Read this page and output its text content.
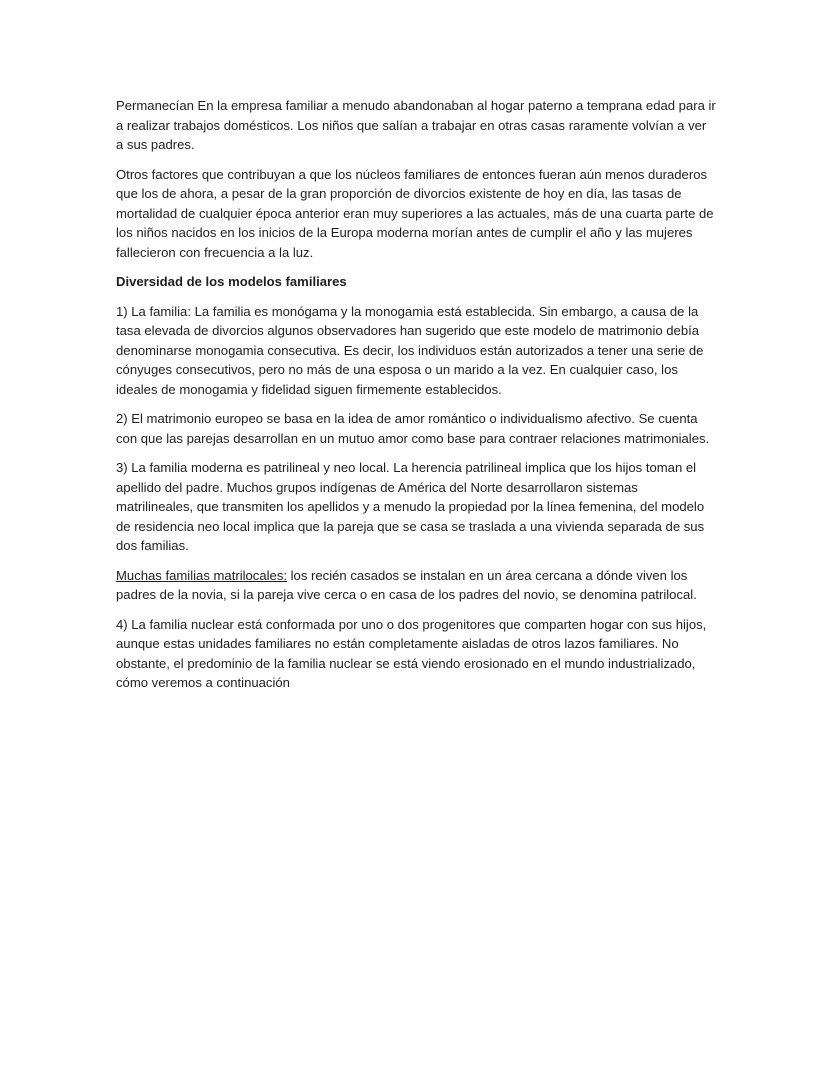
Permanecían En la empresa familiar a menudo abandonaban al hogar paterno a temprana edad para ir a realizar trabajos domésticos. Los niños que salían a trabajar en otras casas raramente volvían a ver a sus padres.

Otros factores que contribuyan a que los núcleos familiares de entonces fueran aún menos duraderos que los de ahora, a pesar de la gran proporción de divorcios existente de hoy en día, las tasas de mortalidad de cualquier época anterior eran muy superiores a las actuales, más de una cuarta parte de los niños nacidos en los inicios de la Europa moderna morían antes de cumplir el año y las mujeres fallecieron con frecuencia a la luz.

Diversidad de los modelos familiares

1) La familia: La familia es monógama y la monogamia está establecida. Sin embargo, a causa de la tasa elevada de divorcios algunos observadores han sugerido que este modelo de matrimonio debía denominarse monogamia consecutiva. Es decir, los individuos están autorizados a tener una serie de cónyuges consecutivos, pero no más de una esposa o un marido a la vez. En cualquier caso, los ideales de monogamia y fidelidad siguen firmemente establecidos.

2) El matrimonio europeo se basa en la idea de amor romántico o individualismo afectivo. Se cuenta con que las parejas desarrollan en un mutuo amor como base para contraer relaciones matrimoniales.

3) La familia moderna es patrilineal y neo local. La herencia patrilineal implica que los hijos toman el apellido del padre. Muchos grupos indígenas de América del Norte desarrollaron sistemas matrilineales, que transmiten los apellidos y a menudo la propiedad por la línea femenina, del modelo de residencia neo local implica que la pareja que se casa se traslada a una vivienda separada de sus dos familias.

Muchas familias matrilocales: los recién casados se instalan en un área cercana a dónde viven los padres de la novia, si la pareja vive cerca o en casa de los padres del novio, se denomina patrilocal.

4) La familia nuclear está conformada por uno o dos progenitores que comparten hogar con sus hijos, aunque estas unidades familiares no están completamente aisladas de otros lazos familiares. No obstante, el predominio de la familia nuclear se está viendo erosionado en el mundo industrializado, cómo veremos a continuación
